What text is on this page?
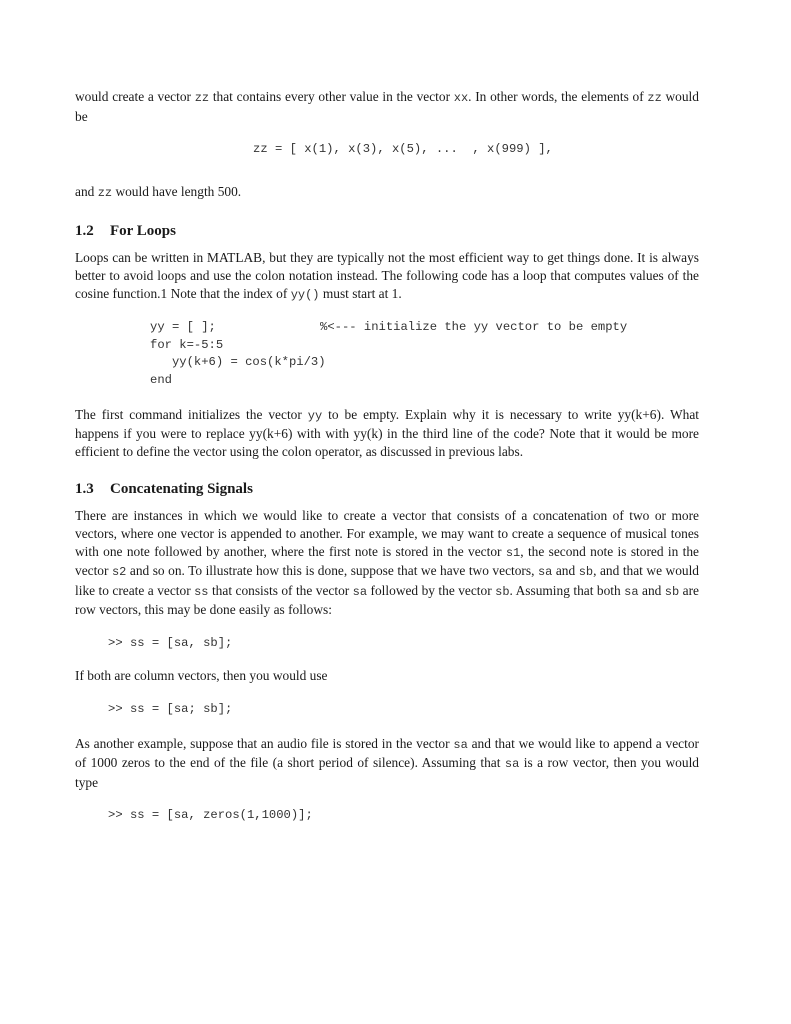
would create a vector zz that contains every other value in the vector xx. In other words, the elements of zz would be

zz = [ x(1), x(3), x(5), ...  , x(999) ],

and zz would have length 500.

1.2 For Loops

Loops can be written in MATLAB, but they are typically not the most efficient way to get things done. It is always better to avoid loops and use the colon notation instead. The following code has a loop that computes values of the cosine function.1 Note that the index of yy() must start at 1.

yy = [ ];	%<--- initialize the yy vector to be empty
for k=-5:5
yy(k+6) = cos(k*pi/3)
end

The first command initializes the vector yy to be empty. Explain why it is necessary to write yy(k+6). What happens if you were to replace yy(k+6) with with yy(k) in the third line of the code? Note that it would be more efficient to define the vector using the colon operator, as discussed in previous labs.

1.3 Concatenating Signals

There are instances in which we would like to create a vector that consists of a concatenation of two or more vectors, where one vector is appended to another. For example, we may want to create a sequence of musical tones with one note followed by another, where the first note is stored in the vector s1, the second note is stored in the vector s2 and so on. To illustrate how this is done, suppose that we have two vectors, sa and sb, and that we would like to create a vector ss that consists of the vector sa followed by the vector sb. Assuming that both sa and sb are row vectors, this may be done easily as follows:

>> ss = [sa, sb];

If both are column vectors, then you would use

>> ss = [sa; sb];

As another example, suppose that an audio file is stored in the vector sa and that we would like to append a vector of 1000 zeros to the end of the file (a short period of silence). Assuming that sa is a row vector, then you would type

>> ss = [sa, zeros(1,1000)];
